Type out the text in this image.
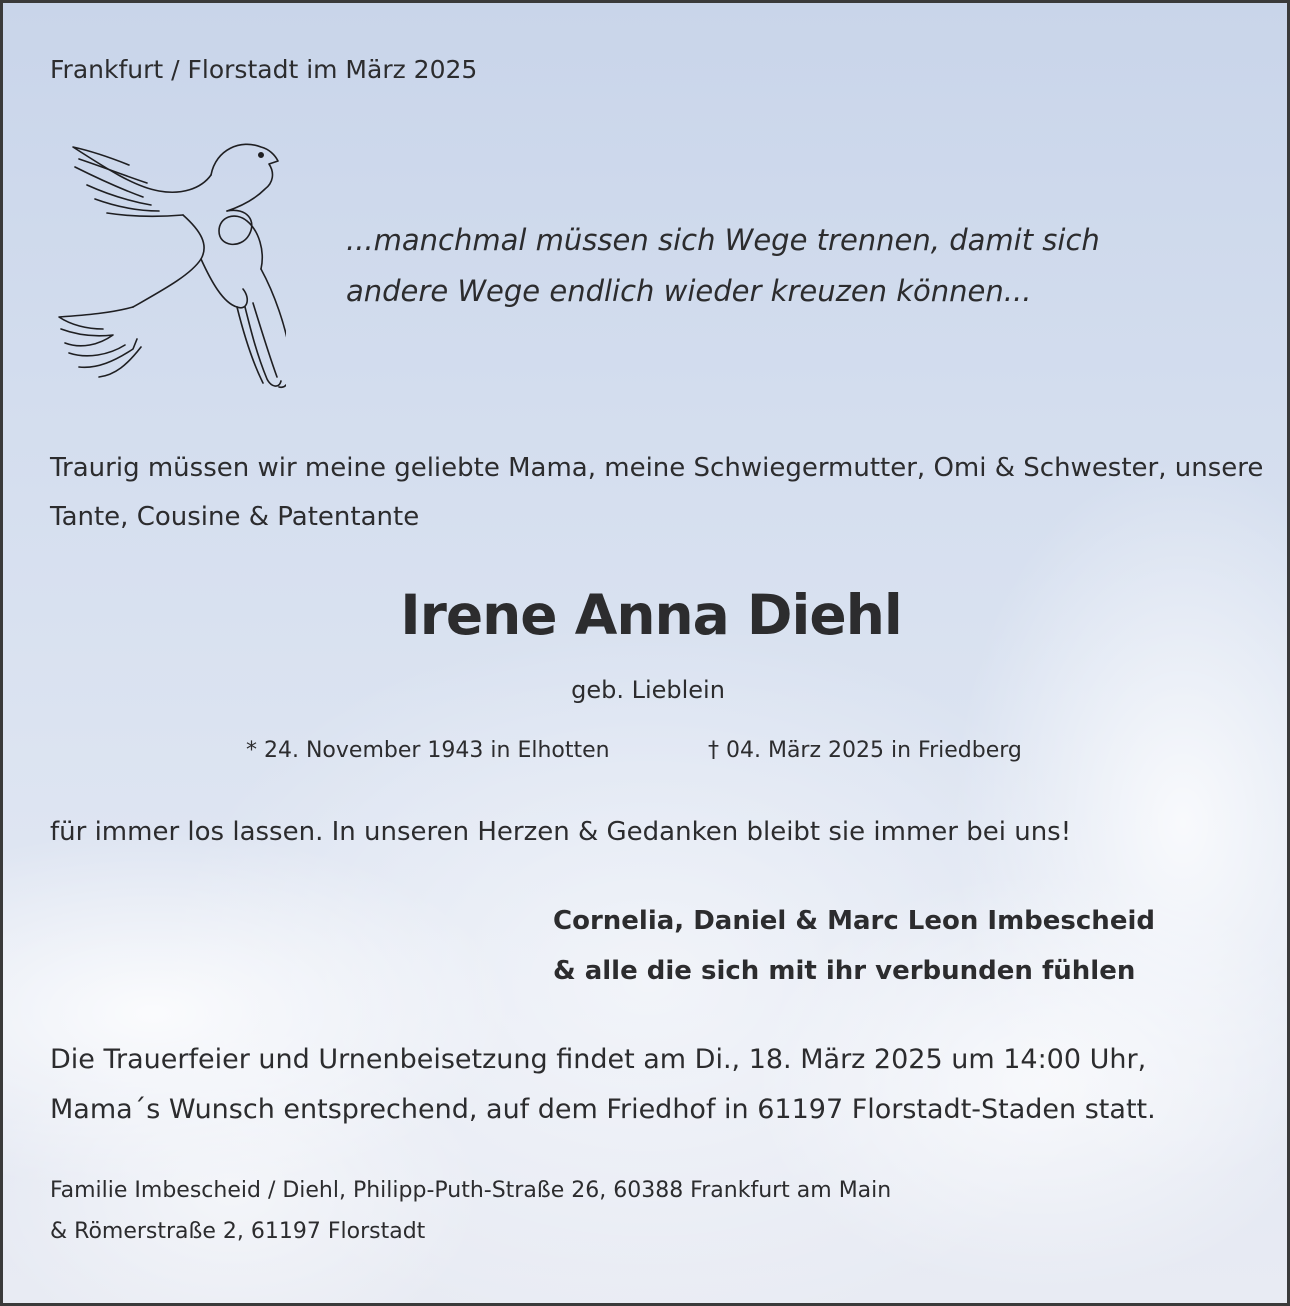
Frankfurt / Florstadt im März 2025

...manchmal müssen sich Wege trennen, damit sich

andere Wege endlich wieder kreuzen können...

Traurig müssen wir meine geliebte Mama, meine Schwiegermutter, Omi & Schwester, unsere

Tante, Cousine & Patentante

Irene Anna Diehl

geb. Lieblein

* 24. November 1943 in Elhotten	† 04. März 2025 in Friedberg

für immer los lassen. In unseren Herzen & Gedanken bleibt sie immer bei uns!

Cornelia, Daniel & Marc Leon Imbescheid

& alle die sich mit ihr verbunden fühlen

Die Trauerfeier und Urnenbeisetzung findet am Di., 18. März 2025 um 14:00 Uhr,

Mama´s Wunsch entsprechend, auf dem Friedhof in 61197 Florstadt-Staden statt.

Familie Imbescheid / Diehl, Philipp-Puth-Straße 26, 60388 Frankfurt am Main

& Römerstraße 2, 61197 Florstadt
